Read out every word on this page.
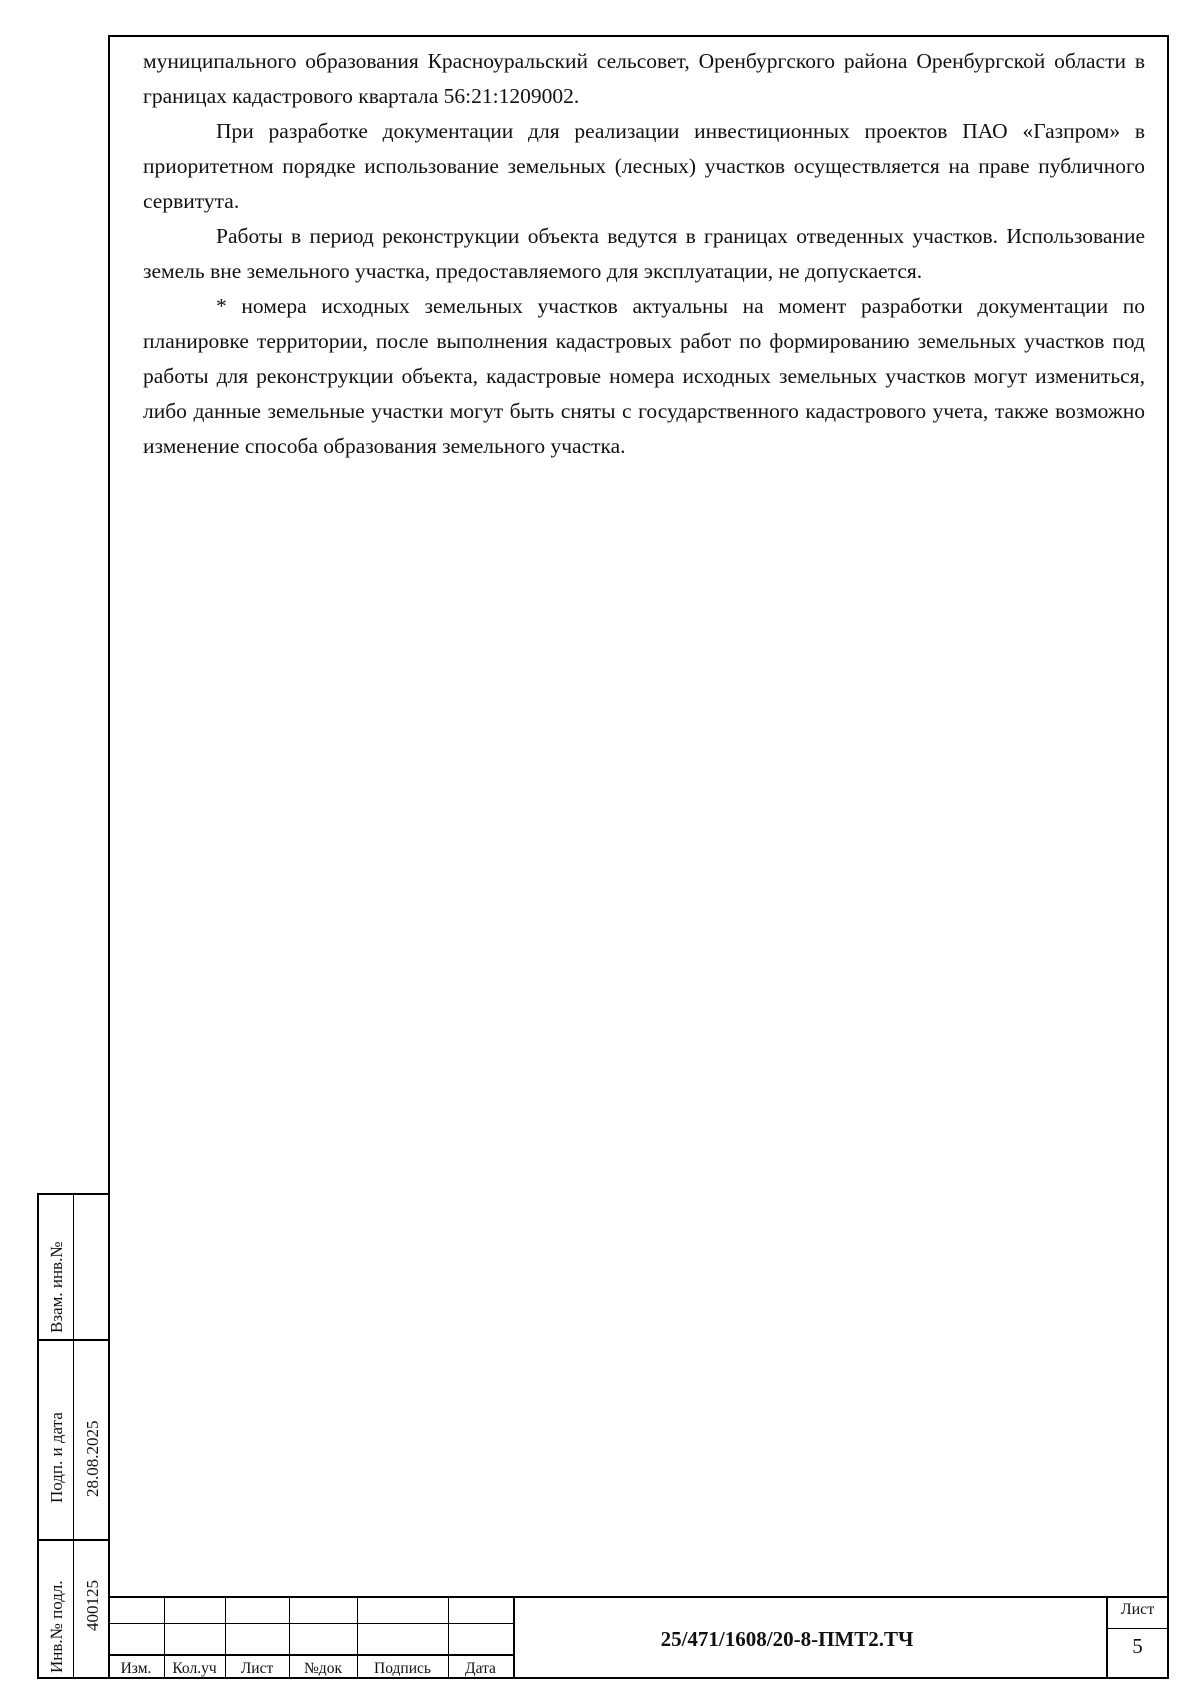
муниципального образования Красноуральский сельсовет, Оренбургского района Оренбургской области в границах кадастрового квартала 56:21:1209002.

При разработке документации для реализации инвестиционных проектов ПАО «Газпром» в приоритетном порядке использование земельных (лесных) участков осуществляется на праве публичного сервитута.

Работы в период реконструкции объекта ведутся в границах отведенных участков. Использование земель вне земельного участка, предоставляемого для эксплуатации, не допускается.

* номера исходных земельных участков актуальны на момент разработки документации по планировке территории, после выполнения кадастровых работ по формированию земельных участков под работы для реконструкции объекта, кадастровые номера исходных земельных участков могут измениться, либо данные земельные участки могут быть сняты с государственного кадастрового учета, также возможно изменение способа образования земельного участка.

Взам. инв.№
Подп. и дата 28.08.2025
Инв.№ подл. 400125
Изм.	Кол.уч	Лист	№док	Подпись	Дата
25/471/1608/20-8-ПМТ2.ТЧ
Лист
5
